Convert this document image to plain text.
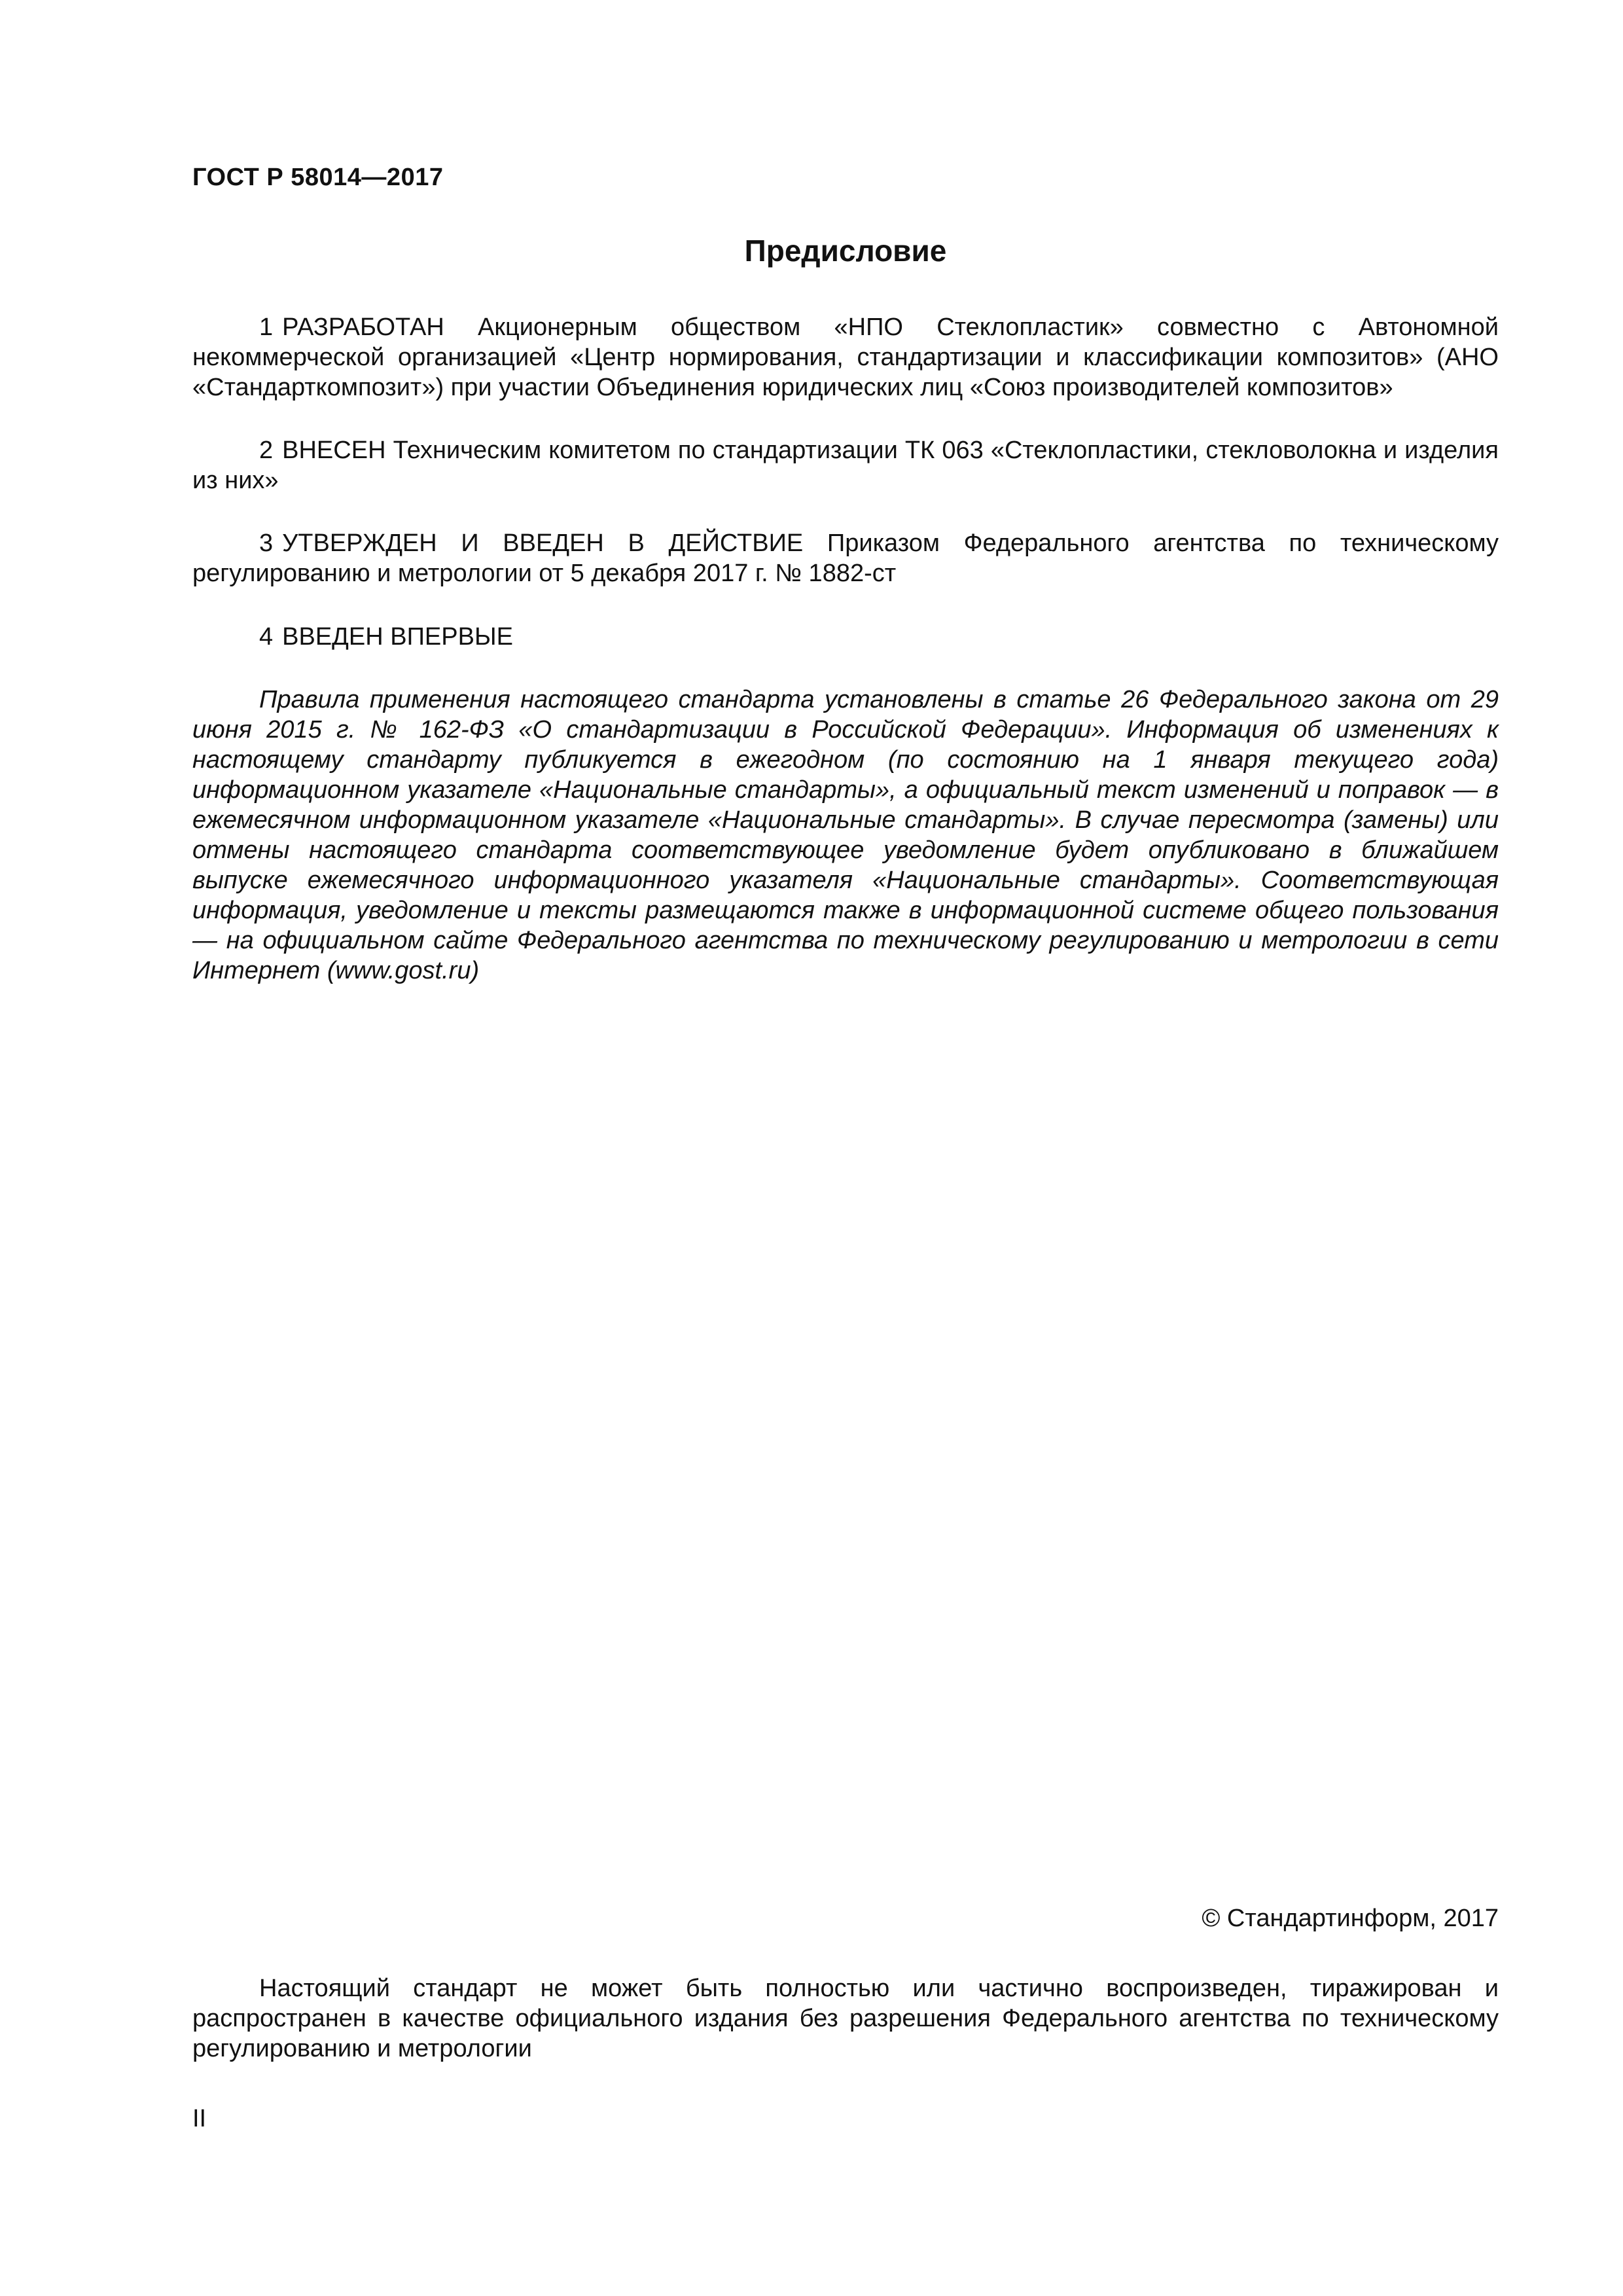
ГОСТ Р 58014—2017

Предисловие

1 РАЗРАБОТАН Акционерным обществом «НПО Стеклопластик» совместно с Автономной некоммерческой организацией «Центр нормирования, стандартизации и классификации композитов» (АНО «Стандарткомпозит») при участии Объединения юридических лиц «Союз производителей композитов»

2 ВНЕСЕН Техническим комитетом по стандартизации ТК 063 «Стеклопластики, стекловолокна и изделия из них»

3 УТВЕРЖДЕН И ВВЕДЕН В ДЕЙСТВИЕ Приказом Федерального агентства по техническому регулированию и метрологии от 5 декабря 2017 г. № 1882-ст

4 ВВЕДЕН ВПЕРВЫЕ

Правила применения настоящего стандарта установлены в статье 26 Федерального закона от 29 июня 2015 г. № 162-ФЗ «О стандартизации в Российской Федерации». Информация об изменениях к настоящему стандарту публикуется в ежегодном (по состоянию на 1 января текущего года) информационном указателе «Национальные стандарты», а официальный текст изменений и поправок — в ежемесячном информационном указателе «Национальные стандарты». В случае пересмотра (замены) или отмены настоящего стандарта соответствующее уведомление будет опубликовано в ближайшем выпуске ежемесячного информационного указателя «Национальные стандарты». Соответствующая информация, уведомление и тексты размещаются также в информационной системе общего пользования — на официальном сайте Федерального агентства по техническому регулированию и метрологии в сети Интернет (www.gost.ru)

© Стандартинформ, 2017

Настоящий стандарт не может быть полностью или частично воспроизведен, тиражирован и распространен в качестве официального издания без разрешения Федерального агентства по техническому регулированию и метрологии

II
